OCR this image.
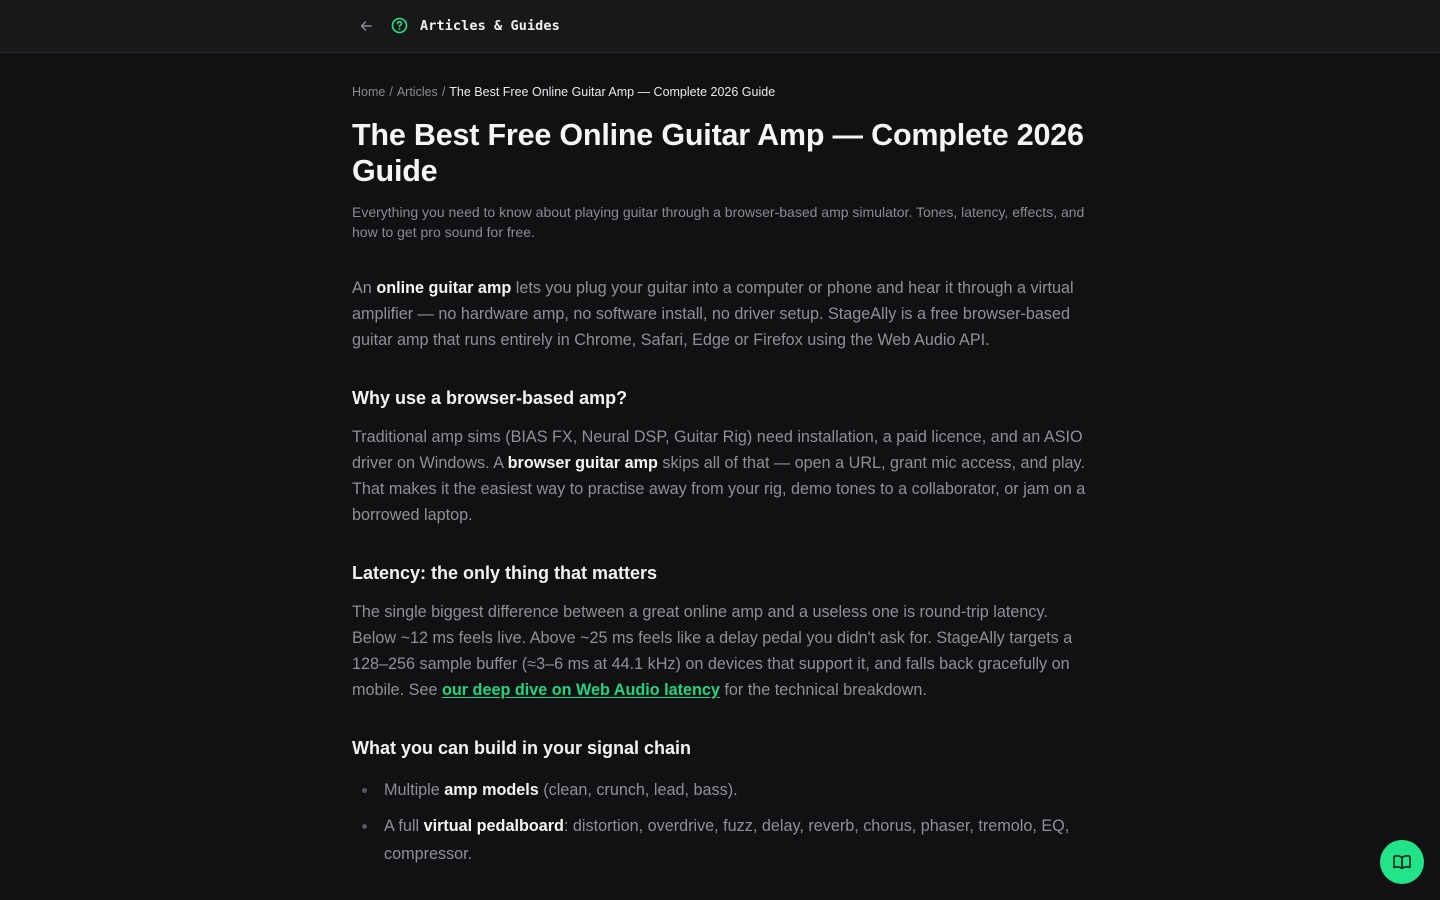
Articles & Guides
Home / Articles / The Best Free Online Guitar Amp — Complete 2026 Guide
The Best Free Online Guitar Amp — Complete 2026 Guide
Everything you need to know about playing guitar through a browser-based amp simulator. Tones, latency, effects, and how to get pro sound for free.

An online guitar amp lets you plug your guitar into a computer or phone and hear it through a virtual amplifier — no hardware amp, no software install, no driver setup. StageAlly is a free browser-based guitar amp that runs entirely in Chrome, Safari, Edge or Firefox using the Web Audio API.

Why use a browser-based amp?

Traditional amp sims (BIAS FX, Neural DSP, Guitar Rig) need installation, a paid licence, and an ASIO driver on Windows. A browser guitar amp skips all of that — open a URL, grant mic access, and play. That makes it the easiest way to practise away from your rig, demo tones to a collaborator, or jam on a borrowed laptop.

Latency: the only thing that matters

The single biggest difference between a great online amp and a useless one is round-trip latency. Below ~12 ms feels live. Above ~25 ms feels like a delay pedal you didn't ask for. StageAlly targets a 128–256 sample buffer (≈3–6 ms at 44.1 kHz) on devices that support it, and falls back gracefully on mobile. See our deep dive on Web Audio latency for the technical breakdown.

What you can build in your signal chain
Multiple amp models (clean, crunch, lead, bass).
A full virtual pedalboard: distortion, overdrive, fuzz, delay, reverb, chorus, phaser, tremolo, EQ, compressor.
